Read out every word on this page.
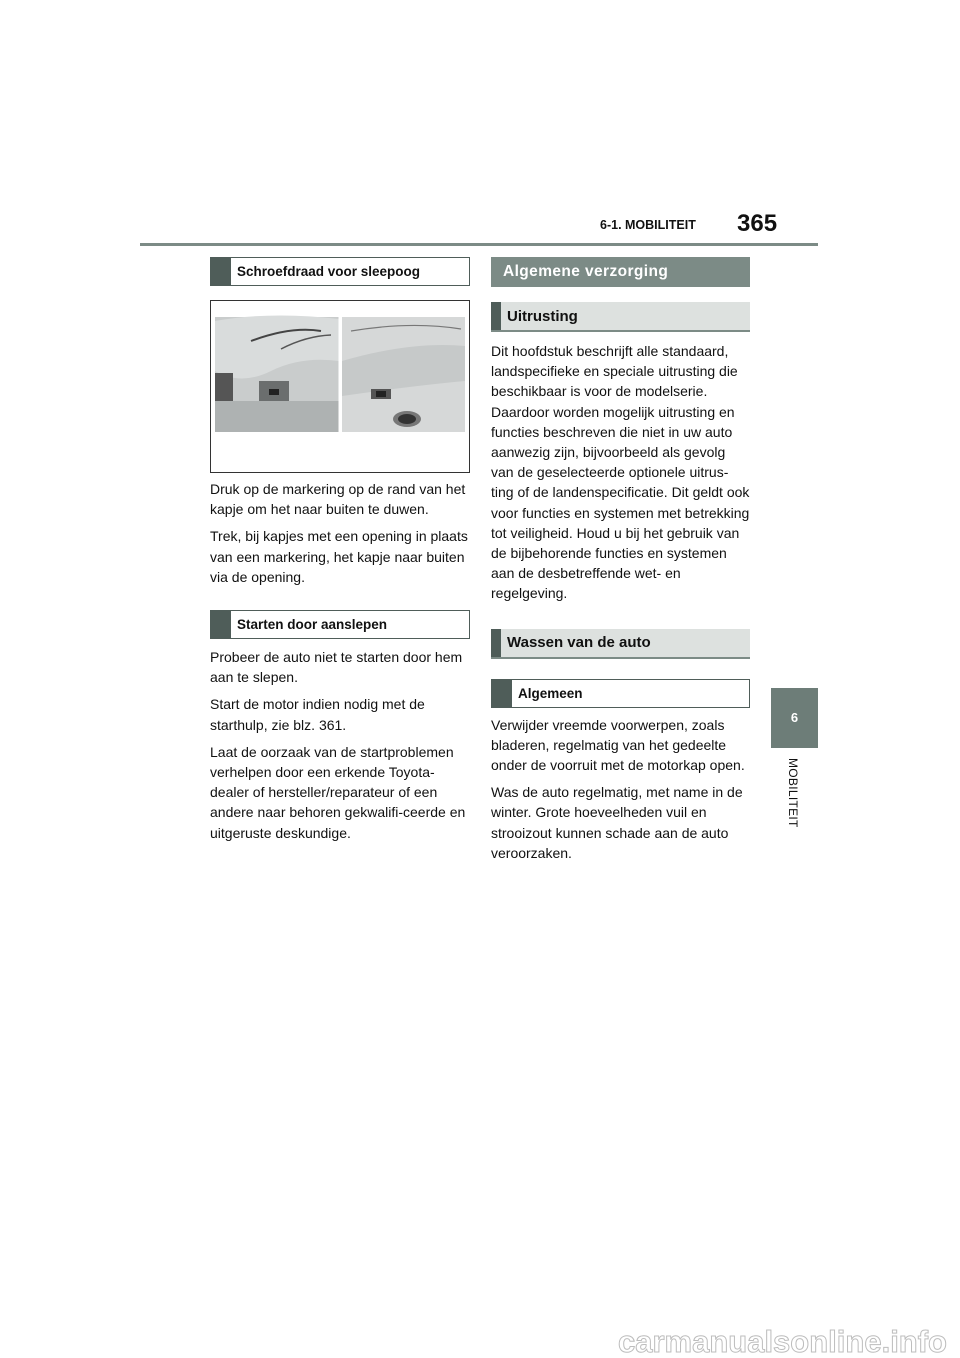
6-1. MOBILITEIT 365
6
MOBILITEIT
Schroefdraad voor sleepoog

Druk op de markering op de rand van het kapje om het naar buiten te duwen.

Trek, bij kapjes met een opening in plaats van een markering, het kapje naar buiten via de opening.

Starten door aanslepen

Probeer de auto niet te starten door hem aan te slepen.

Start de motor indien nodig met de starthulp, zie blz. 361.

Laat de oorzaak van de startproblemen verhelpen door een erkende Toyota-dealer of hersteller/reparateur of een andere naar behoren gekwalifi-ceerde en uitgeruste deskundige.

Algemene verzorging
Uitrusting

Dit hoofdstuk beschrijft alle standaard, landspecifieke en speciale uitrusting die beschikbaar is voor de modelserie. Daardoor worden mogelijk uitrusting en functies beschreven die niet in uw auto aanwezig zijn, bijvoorbeeld als gevolg van de geselecteerde optionele uitrus-ting of de landenspecificatie. Dit geldt ook voor functies en systemen met betrekking tot veiligheid. Houd u bij het gebruik van de bijbehorende functies en systemen aan de desbetreffende wet- en regelgeving.

Wassen van de auto
Algemeen

Verwijder vreemde voorwerpen, zoals bladeren, regelmatig van het gedeelte onder de voorruit met de motorkap open.

Was de auto regelmatig, met name in de winter. Grote hoeveelheden vuil en strooizout kunnen schade aan de auto veroorzaken.

carmanualsonline.info
